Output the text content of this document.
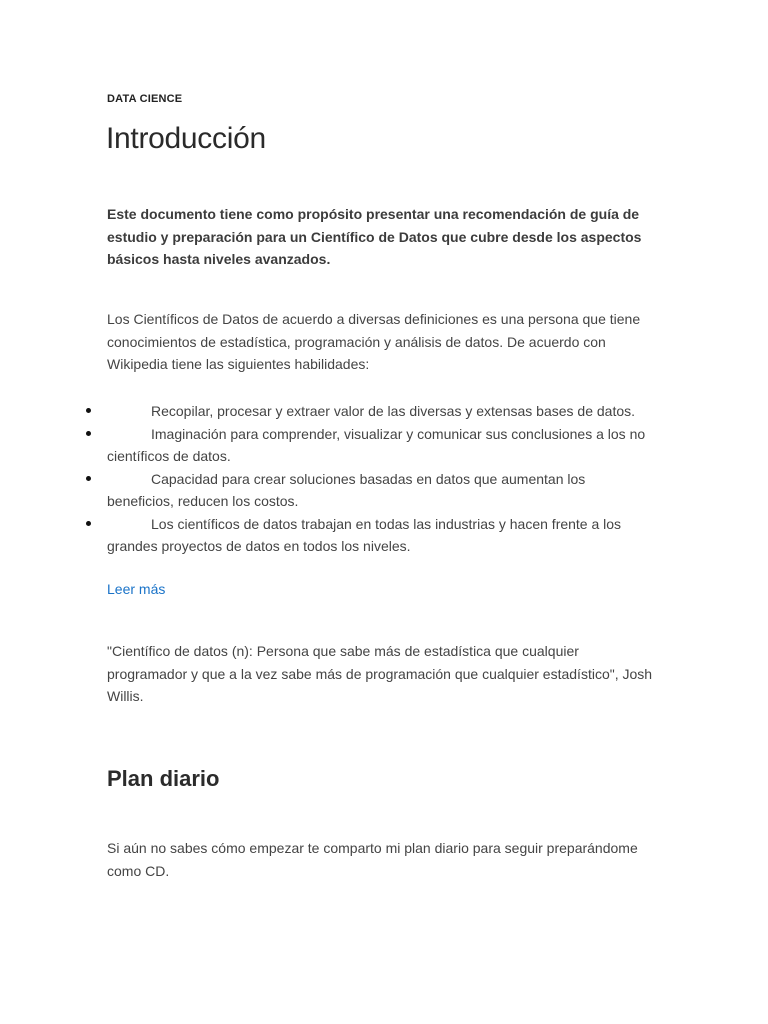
DATA CIENCE
Introducción

Este documento tiene como propósito presentar una recomendación de guía de estudio y preparación para un Científico de Datos que cubre desde los aspectos básicos hasta niveles avanzados.

Los Científicos de Datos de acuerdo a diversas definiciones es una persona que tiene conocimientos de estadística, programación y análisis de datos. De acuerdo con Wikipedia tiene las siguientes habilidades:

Recopilar, procesar y extraer valor de las diversas y extensas bases de datos.
Imaginación para comprender, visualizar y comunicar sus conclusiones a los no científicos de datos.
Capacidad para crear soluciones basadas en datos que aumentan los beneficios, reducen los costos.
Los científicos de datos trabajan en todas las industrias y hacen frente a los grandes proyectos de datos en todos los niveles.
Leer más

"Científico de datos (n): Persona que sabe más de estadística que cualquier programador y que a la vez sabe más de programación que cualquier estadístico", Josh Willis.

Plan diario

Si aún no sabes cómo empezar te comparto mi plan diario para seguir preparándome como CD.
